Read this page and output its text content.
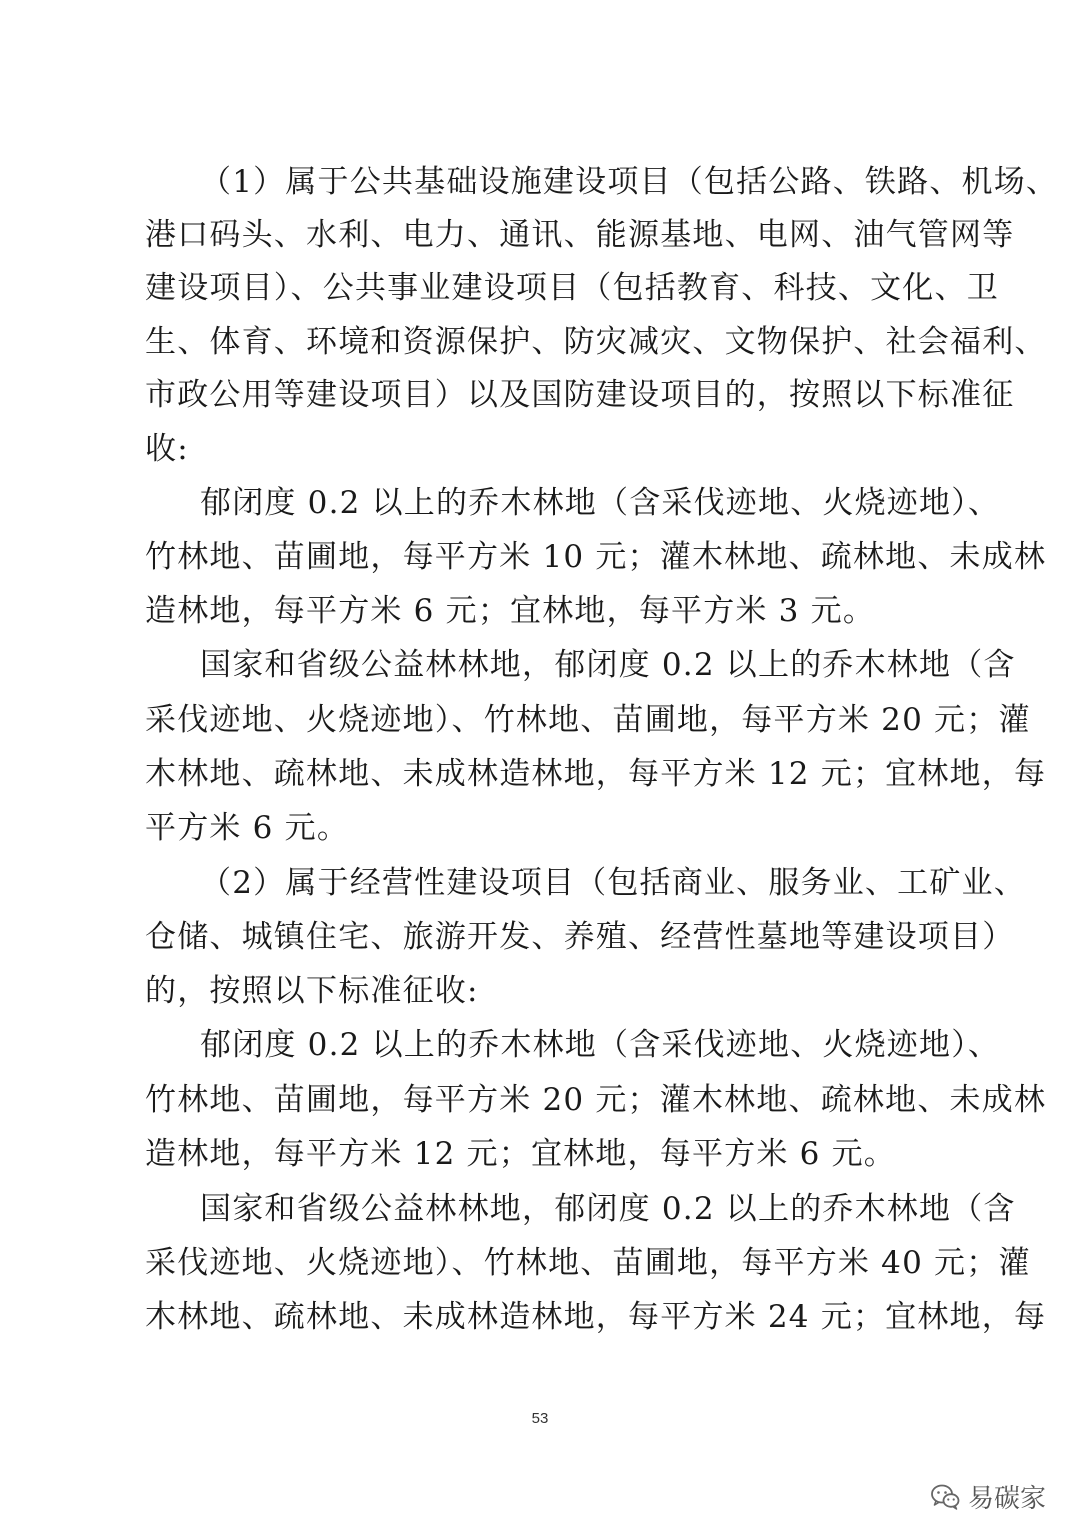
（1）属于公共基础设施建设项目（包括公路、铁路、机场、
港口码头、水利、电力、通讯、能源基地、电网、油气管网等
建设项目）、公共事业建设项目（包括教育、科技、文化、卫
生、体育、环境和资源保护、防灾减灾、文物保护、社会福利、
市政公用等建设项目）以及国防建设项目的，按照以下标准征
收:
郁闭度 0.2 以上的乔木林地（含采伐迹地、火烧迹地）、
竹林地、苗圃地，每平方米 10 元；灌木林地、疏林地、未成林
造林地，每平方米 6 元；宜林地，每平方米 3 元。
国家和省级公益林林地，郁闭度 0.2 以上的乔木林地（含
采伐迹地、火烧迹地）、竹林地、苗圃地，每平方米 20 元；灌
木林地、疏林地、未成林造林地，每平方米 12 元；宜林地，每
平方米 6 元。
（2）属于经营性建设项目（包括商业、服务业、工矿业、
仓储、城镇住宅、旅游开发、养殖、经营性墓地等建设项目）
的，按照以下标准征收:
郁闭度 0.2 以上的乔木林地（含采伐迹地、火烧迹地）、
竹林地、苗圃地，每平方米 20 元；灌木林地、疏林地、未成林
造林地，每平方米 12 元；宜林地，每平方米 6 元。
国家和省级公益林林地，郁闭度 0.2 以上的乔木林地（含
采伐迹地、火烧迹地）、竹林地、苗圃地，每平方米 40 元；灌
木林地、疏林地、未成林造林地，每平方米 24 元；宜林地，每
53
易碳家
